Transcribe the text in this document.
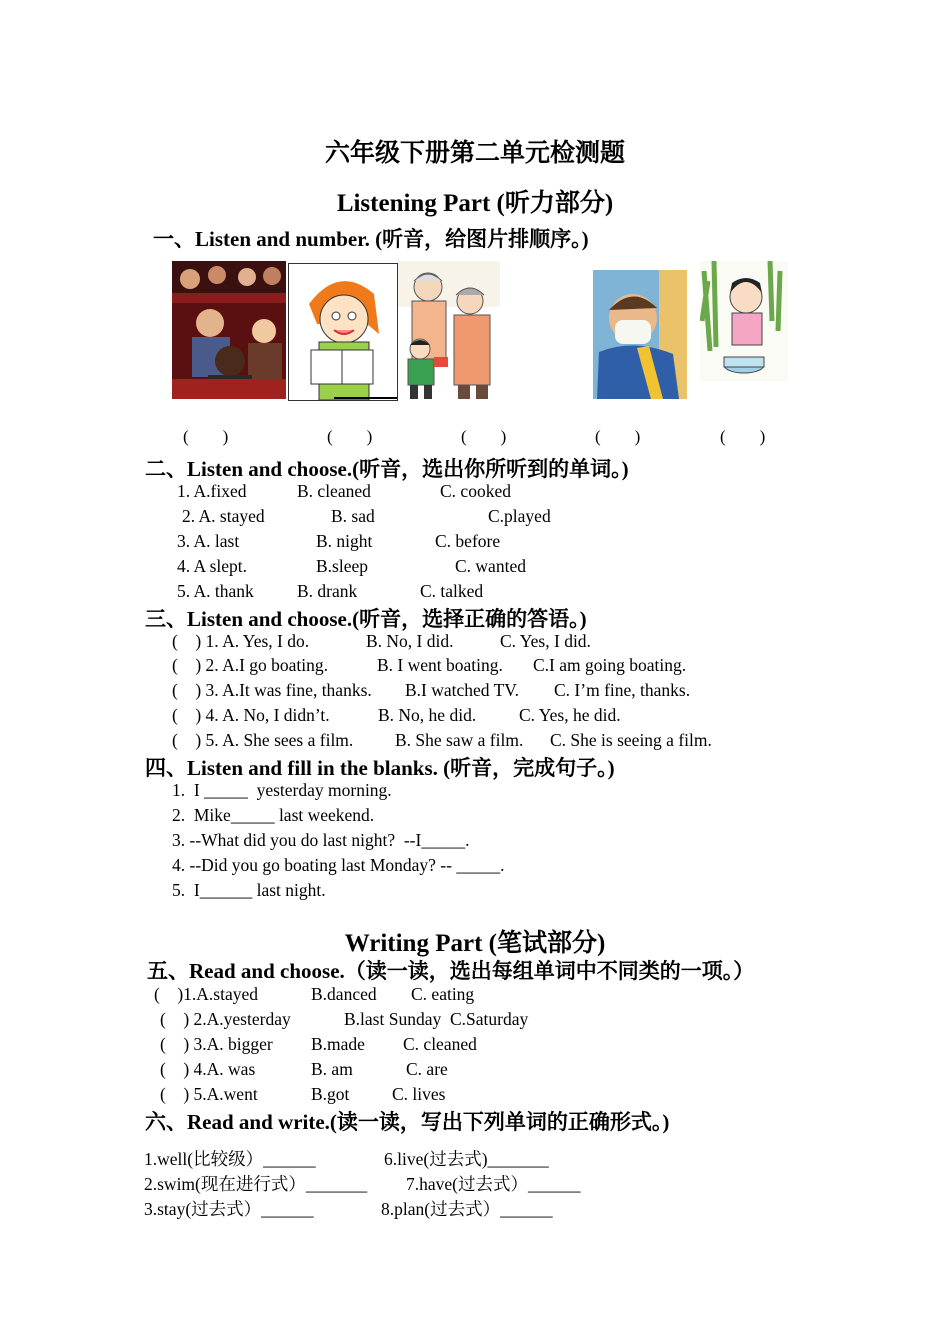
六年级下册第二单元检测题
Listening Part (听力部分)
一、Listen and number. (听音，给图片排顺序。)
(　　)	(　　)	(　　)	(　　)	(　　)
二、Listen and choose.(听音，选出你所听到的单词。)
1. A.fixed	B. cleaned	C. cooked
2. A. stayed	B. sad	C.played
3. A. last	B. night	C. before
4. A slept.	B.sleep	C. wanted
5. A. thank B. drank	C. talked
三、Listen and choose.(听音，选择正确的答语。)
(    ) 1. A. Yes, I do.	B. No, I did.	C. Yes, I did.
(    ) 2. A.I go boating.	B. I went boating. C.I am going boating.
(    ) 3. A.It was fine, thanks. B.I watched TV. C. I’m fine, thanks.
(    ) 4. A. No, I didn’t.	B. No, he did. C. Yes, he did.
(    ) 5. A. She sees a film. B. She saw a film. C. She is seeing a film.
四、Listen and fill in the blanks. (听音，完成句子。)
1.  I _____  yesterday morning.
2.  Mike_____ last weekend.
3. --What did you do last night?  --I_____.
4. --Did you go boating last Monday? -- _____.
5.  I______ last night.
Writing Part (笔试部分)
五、Read and choose.（读一读，选出每组单词中不同类的一项。）
(    )1.A.stayed	B.danced C. eating
(    ) 2.A.yesterday	B.last Sunday  C.Saturday
(    ) 3.A. bigger B.made C. cleaned
(    ) 4.A. was	B. am	C. are
(    ) 5.A.went	B.got C. lives
六、Read and write.(读一读，写出下列单词的正确形式。)
1.well(比较级）______	6.live(过去式)_______
2.swim(现在进行式）_______ 7.have(过去式）______
3.stay(过去式）______	8.plan(过去式）______
